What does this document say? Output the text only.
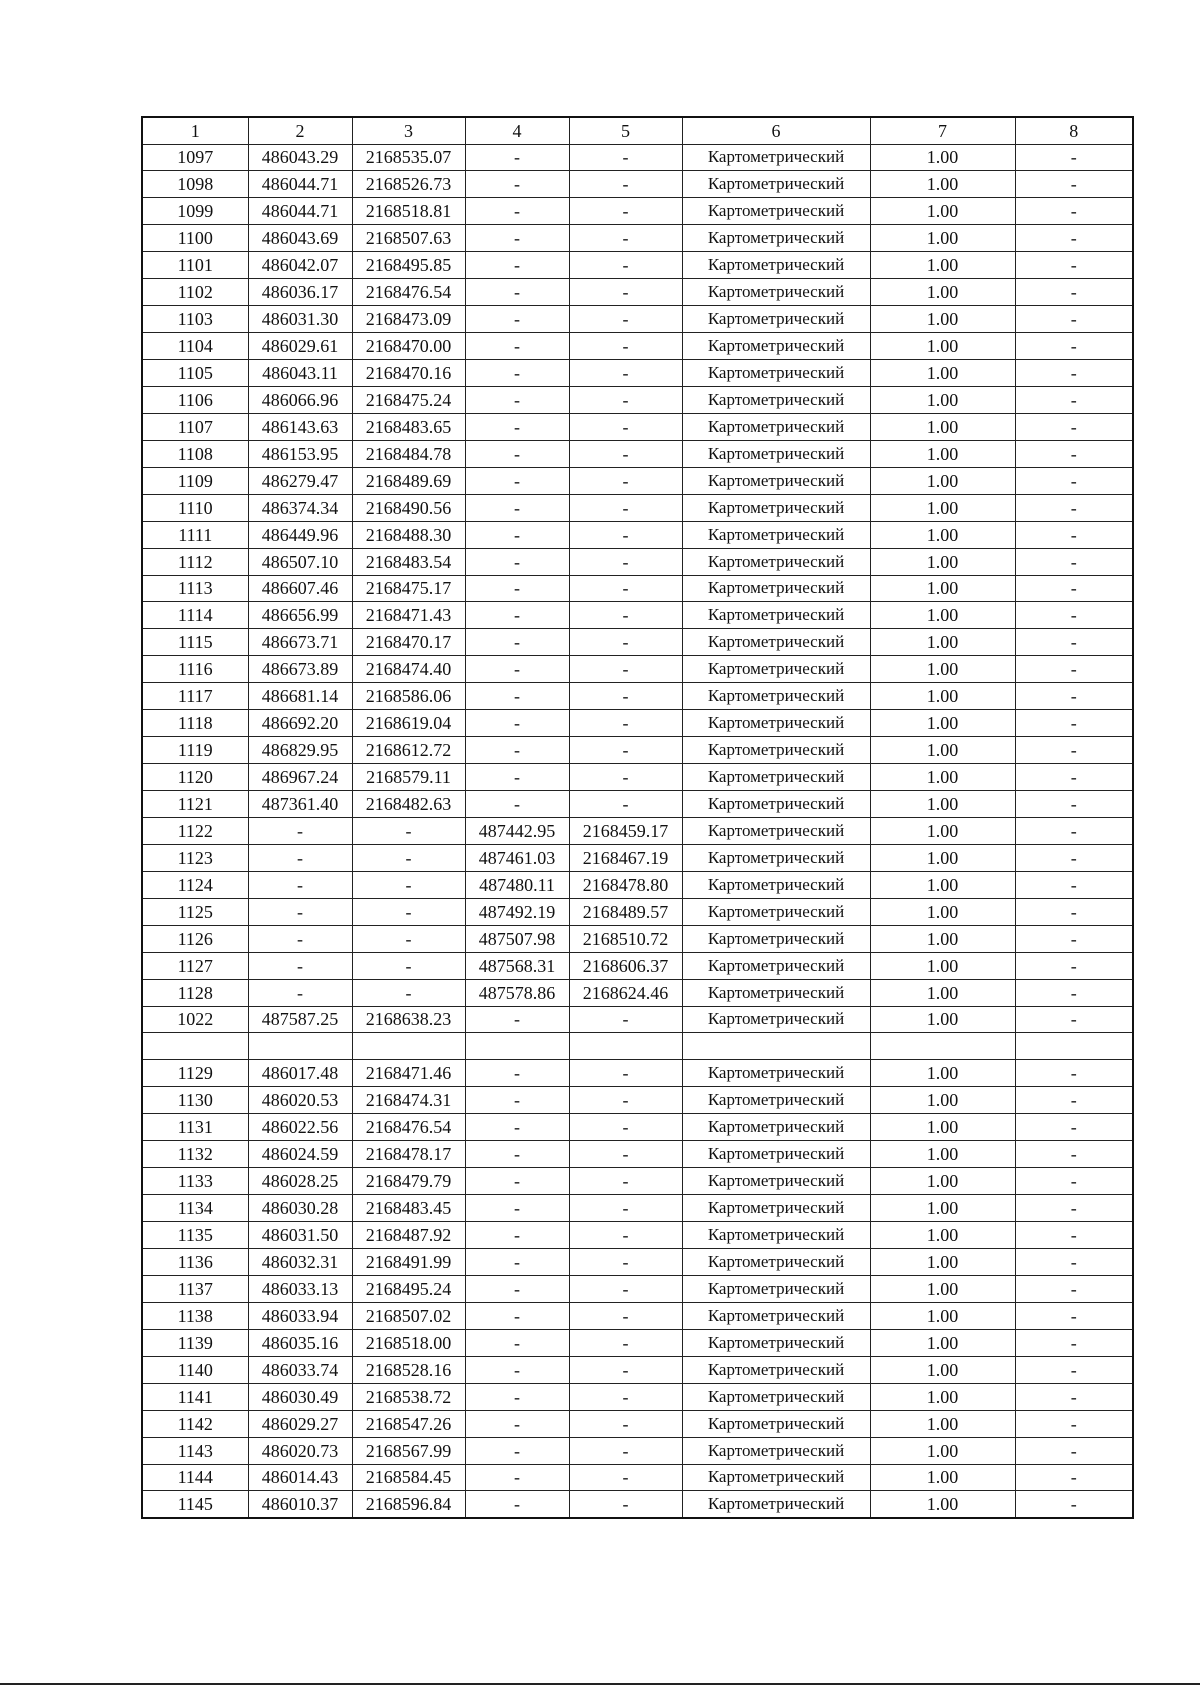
1	2	3	4	5	6	7	8
1097	486043.29	2168535.07	-	-	Картометрический	1.00	-
1098	486044.71	2168526.73	-	-	Картометрический	1.00	-
1099	486044.71	2168518.81	-	-	Картометрический	1.00	-
1100	486043.69	2168507.63	-	-	Картометрический	1.00	-
1101	486042.07	2168495.85	-	-	Картометрический	1.00	-
1102	486036.17	2168476.54	-	-	Картометрический	1.00	-
1103	486031.30	2168473.09	-	-	Картометрический	1.00	-
1104	486029.61	2168470.00	-	-	Картометрический	1.00	-
1105	486043.11	2168470.16	-	-	Картометрический	1.00	-
1106	486066.96	2168475.24	-	-	Картометрический	1.00	-
1107	486143.63	2168483.65	-	-	Картометрический	1.00	-
1108	486153.95	2168484.78	-	-	Картометрический	1.00	-
1109	486279.47	2168489.69	-	-	Картометрический	1.00	-
1110	486374.34	2168490.56	-	-	Картометрический	1.00	-
1111	486449.96	2168488.30	-	-	Картометрический	1.00	-
1112	486507.10	2168483.54	-	-	Картометрический	1.00	-
1113	486607.46	2168475.17	-	-	Картометрический	1.00	-
1114	486656.99	2168471.43	-	-	Картометрический	1.00	-
1115	486673.71	2168470.17	-	-	Картометрический	1.00	-
1116	486673.89	2168474.40	-	-	Картометрический	1.00	-
1117	486681.14	2168586.06	-	-	Картометрический	1.00	-
1118	486692.20	2168619.04	-	-	Картометрический	1.00	-
1119	486829.95	2168612.72	-	-	Картометрический	1.00	-
1120	486967.24	2168579.11	-	-	Картометрический	1.00	-
1121	487361.40	2168482.63	-	-	Картометрический	1.00	-
1122	-	-	487442.95	2168459.17	Картометрический	1.00	-
1123	-	-	487461.03	2168467.19	Картометрический	1.00	-
1124	-	-	487480.11	2168478.80	Картометрический	1.00	-
1125	-	-	487492.19	2168489.57	Картометрический	1.00	-
1126	-	-	487507.98	2168510.72	Картометрический	1.00	-
1127	-	-	487568.31	2168606.37	Картометрический	1.00	-
1128	-	-	487578.86	2168624.46	Картометрический	1.00	-
1022	487587.25	2168638.23	-	-	Картометрический	1.00	-

1129	486017.48	2168471.46	-	-	Картометрический	1.00	-
1130	486020.53	2168474.31	-	-	Картометрический	1.00	-
1131	486022.56	2168476.54	-	-	Картометрический	1.00	-
1132	486024.59	2168478.17	-	-	Картометрический	1.00	-
1133	486028.25	2168479.79	-	-	Картометрический	1.00	-
1134	486030.28	2168483.45	-	-	Картометрический	1.00	-
1135	486031.50	2168487.92	-	-	Картометрический	1.00	-
1136	486032.31	2168491.99	-	-	Картометрический	1.00	-
1137	486033.13	2168495.24	-	-	Картометрический	1.00	-
1138	486033.94	2168507.02	-	-	Картометрический	1.00	-
1139	486035.16	2168518.00	-	-	Картометрический	1.00	-
1140	486033.74	2168528.16	-	-	Картометрический	1.00	-
1141	486030.49	2168538.72	-	-	Картометрический	1.00	-
1142	486029.27	2168547.26	-	-	Картометрический	1.00	-
1143	486020.73	2168567.99	-	-	Картометрический	1.00	-
1144	486014.43	2168584.45	-	-	Картометрический	1.00	-
1145	486010.37	2168596.84	-	-	Картометрический	1.00	-
